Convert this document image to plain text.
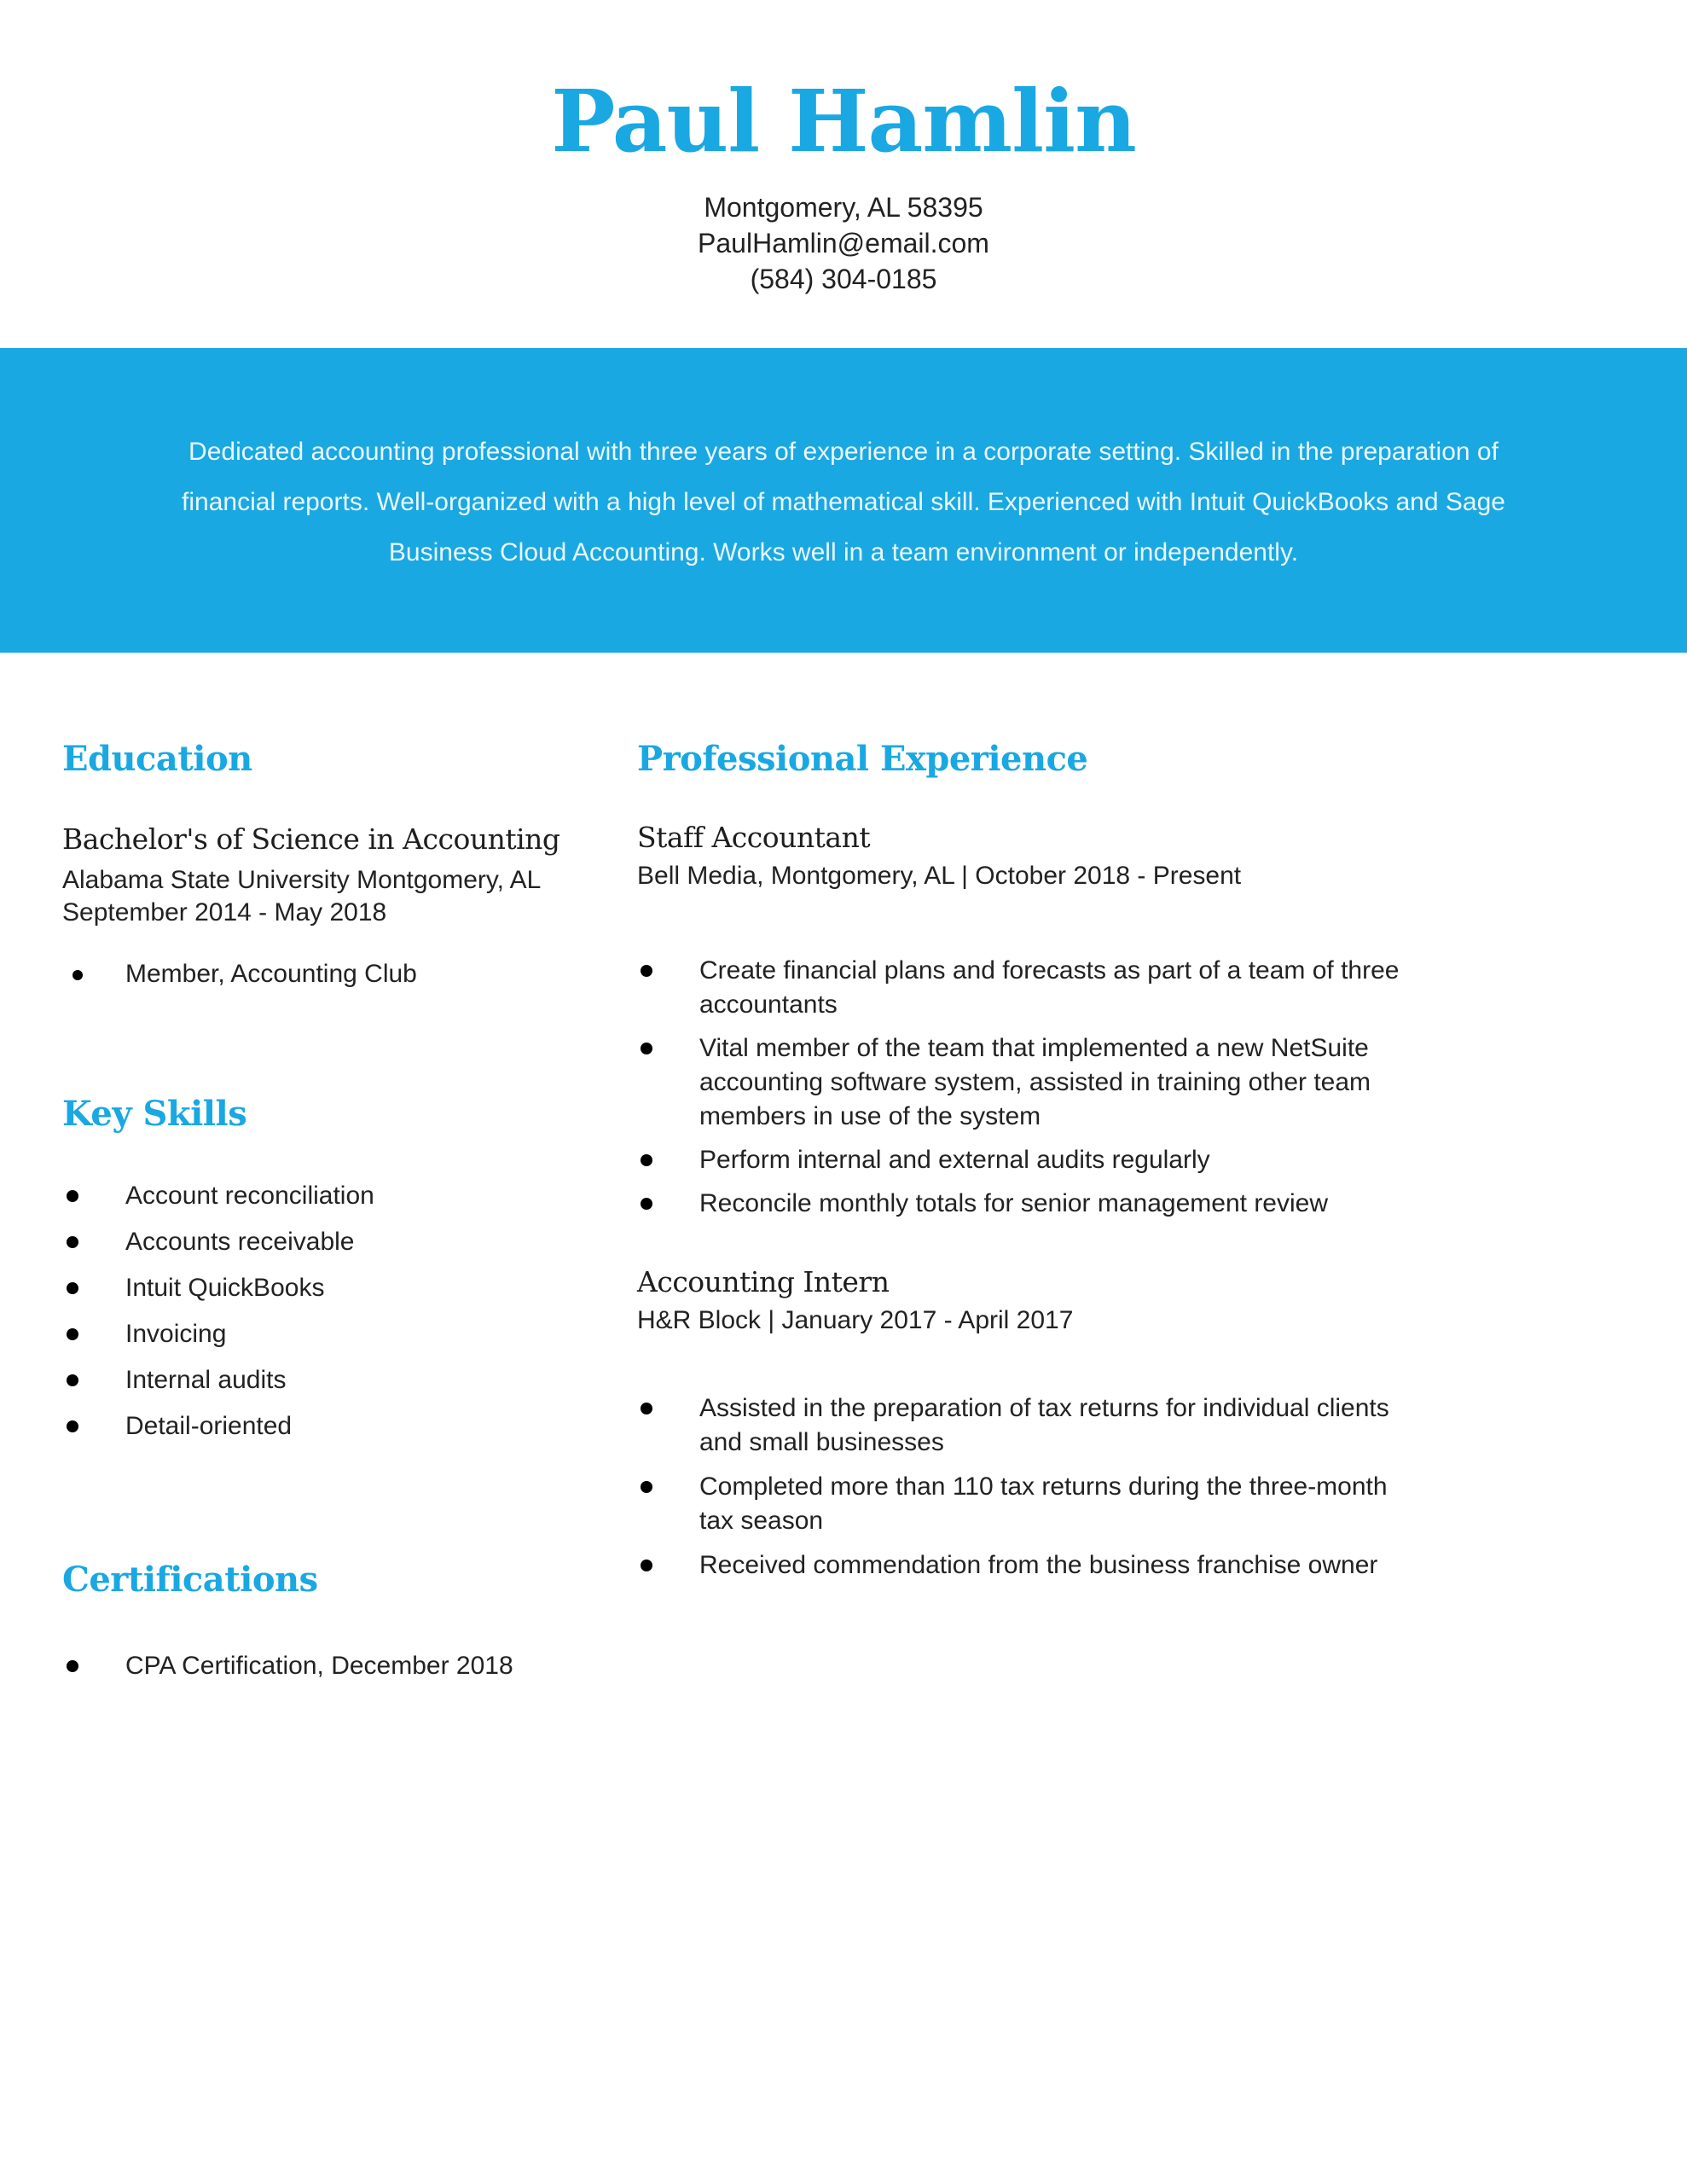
Paul Hamlin
Montgomery, AL 58395
PaulHamlin@email.com
(584) 304-0185

Dedicated accounting professional with three years of experience in a corporate setting. Skilled in the preparation of financial reports. Well-organized with a high level of mathematical skill. Experienced with Intuit QuickBooks and Sage Business Cloud Accounting. Works well in a team environment or independently.

Education
Bachelor's of Science in Accounting
Alabama State University Montgomery, AL
September 2014 - May 2018
Member, Accounting Club
Key Skills
Account reconciliation
Accounts receivable
Intuit QuickBooks
Invoicing
Internal audits
Detail-oriented
Certifications
CPA Certification, December 2018
Professional Experience
Staff Accountant
Bell Media, Montgomery, AL | October 2018 - Present
Create financial plans and forecasts as part of a team of three accountants
Vital member of the team that implemented a new NetSuite accounting software system, assisted in training other team members in use of the system
Perform internal and external audits regularly
Reconcile monthly totals for senior management review
Accounting Intern
H&R Block | January 2017 - April 2017
Assisted in the preparation of tax returns for individual clients and small businesses
Completed more than 110 tax returns during the three-month tax season
Received commendation from the business franchise owner
